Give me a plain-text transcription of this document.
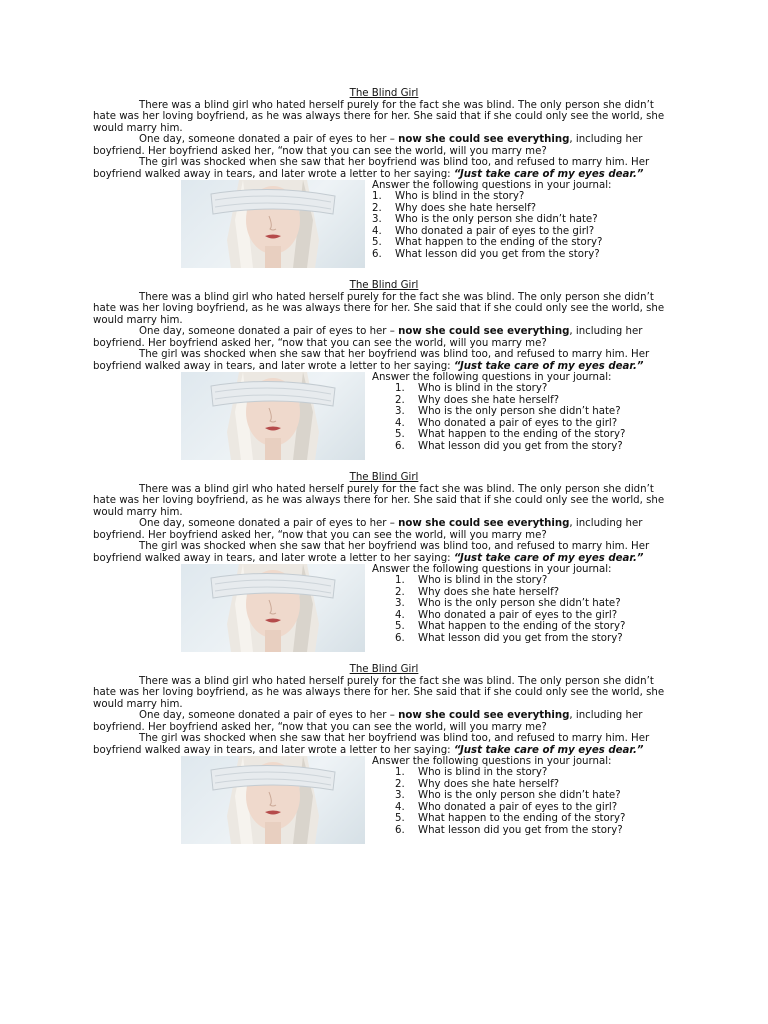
The Blind Girl

There was a blind girl who hated herself purely for the fact she was blind. The only person she didn’t hate was her loving boyfriend, as he was always there for her. She said that if she could only see the world, she would marry him.

One day, someone donated a pair of eyes to her – now she could see everything, including her boyfriend. Her boyfriend asked her, “now that you can see the world, will you marry me?

The girl was shocked when she saw that her boyfriend was blind too, and refused to marry him. Her boyfriend walked away in tears, and later wrote a letter to her saying: “Just take care of my eyes dear.”

Answer the following questions in your journal:
1. Who is blind in the story?
2. Why does she hate herself?
3. Who is the only person she didn’t hate?
4. Who donated a pair of eyes to the girl?
5. What happen to the ending of the story?
6. What lesson did you get from the story?

The Blind Girl

There was a blind girl who hated herself purely for the fact she was blind. The only person she didn’t hate was her loving boyfriend, as he was always there for her. She said that if she could only see the world, she would marry him.

One day, someone donated a pair of eyes to her – now she could see everything, including her boyfriend. Her boyfriend asked her, “now that you can see the world, will you marry me?

The girl was shocked when she saw that her boyfriend was blind too, and refused to marry him. Her boyfriend walked away in tears, and later wrote a letter to her saying: “Just take care of my eyes dear.”

Answer the following questions in your journal:
1. Who is blind in the story?
2. Why does she hate herself?
3. Who is the only person she didn’t hate?
4. Who donated a pair of eyes to the girl?
5. What happen to the ending of the story?
6. What lesson did you get from the story?

The Blind Girl

There was a blind girl who hated herself purely for the fact she was blind. The only person she didn’t hate was her loving boyfriend, as he was always there for her. She said that if she could only see the world, she would marry him.

One day, someone donated a pair of eyes to her – now she could see everything, including her boyfriend. Her boyfriend asked her, “now that you can see the world, will you marry me?

The girl was shocked when she saw that her boyfriend was blind too, and refused to marry him. Her boyfriend walked away in tears, and later wrote a letter to her saying: “Just take care of my eyes dear.”

Answer the following questions in your journal:
1. Who is blind in the story?
2. Why does she hate herself?
3. Who is the only person she didn’t hate?
4. Who donated a pair of eyes to the girl?
5. What happen to the ending of the story?
6. What lesson did you get from the story?

The Blind Girl

There was a blind girl who hated herself purely for the fact she was blind. The only person she didn’t hate was her loving boyfriend, as he was always there for her. She said that if she could only see the world, she would marry him.

One day, someone donated a pair of eyes to her – now she could see everything, including her boyfriend. Her boyfriend asked her, “now that you can see the world, will you marry me?

The girl was shocked when she saw that her boyfriend was blind too, and refused to marry him. Her boyfriend walked away in tears, and later wrote a letter to her saying: “Just take care of my eyes dear.”

Answer the following questions in your journal:
1. Who is blind in the story?
2. Why does she hate herself?
3. Who is the only person she didn’t hate?
4. Who donated a pair of eyes to the girl?
5. What happen to the ending of the story?
6. What lesson did you get from the story?
